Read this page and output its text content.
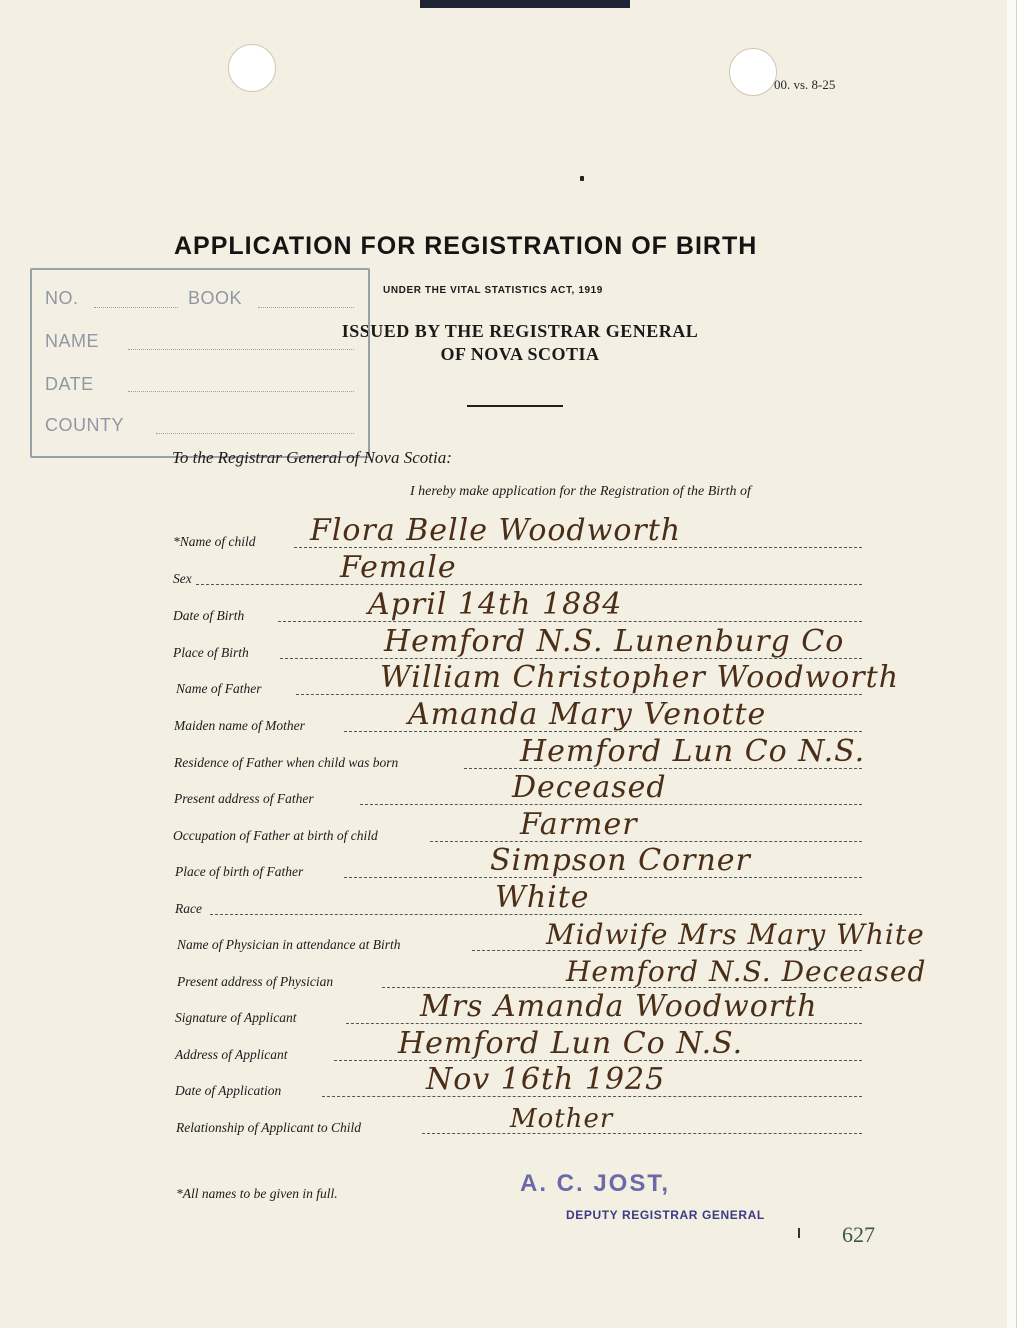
00. vs. 8-25
APPLICATION FOR REGISTRATION OF BIRTH
UNDER THE VITAL STATISTICS ACT, 1919
ISSUED BY THE REGISTRAR GENERAL
OF NOVA SCOTIA
NO.	BOOK
NAME
DATE
COUNTY
To the Registrar General of Nova Scotia:
I hereby make application for the Registration of the Birth of
*Name of child Flora Belle Woodworth
Sex	Female
Date of Birth	April 14th 1884
Place of Birth	Hemford N.S. Lunenburg Co
Name of Father	William Christopher Woodworth
Maiden name of Mother	Amanda Mary Venotte
Residence of Father when child was born	Hemford Lun Co N.S.
Present address of Father	Deceased
Occupation of Father at birth of child	Farmer
Place of birth of Father	Simpson Corner
Race	White
Name of Physician in attendance at Birth	Midwife Mrs Mary White
Present address of Physician	Hemford N.S. Deceased
Signature of Applicant	Mrs Amanda Woodworth
Address of Applicant	Hemford Lun Co N.S.
Date of Application	Nov 16th 1925
Relationship of Applicant to Child	Mother
*All names to be given in full.	A. C. JOST,
DEPUTY REGISTRAR GENERAL
627
